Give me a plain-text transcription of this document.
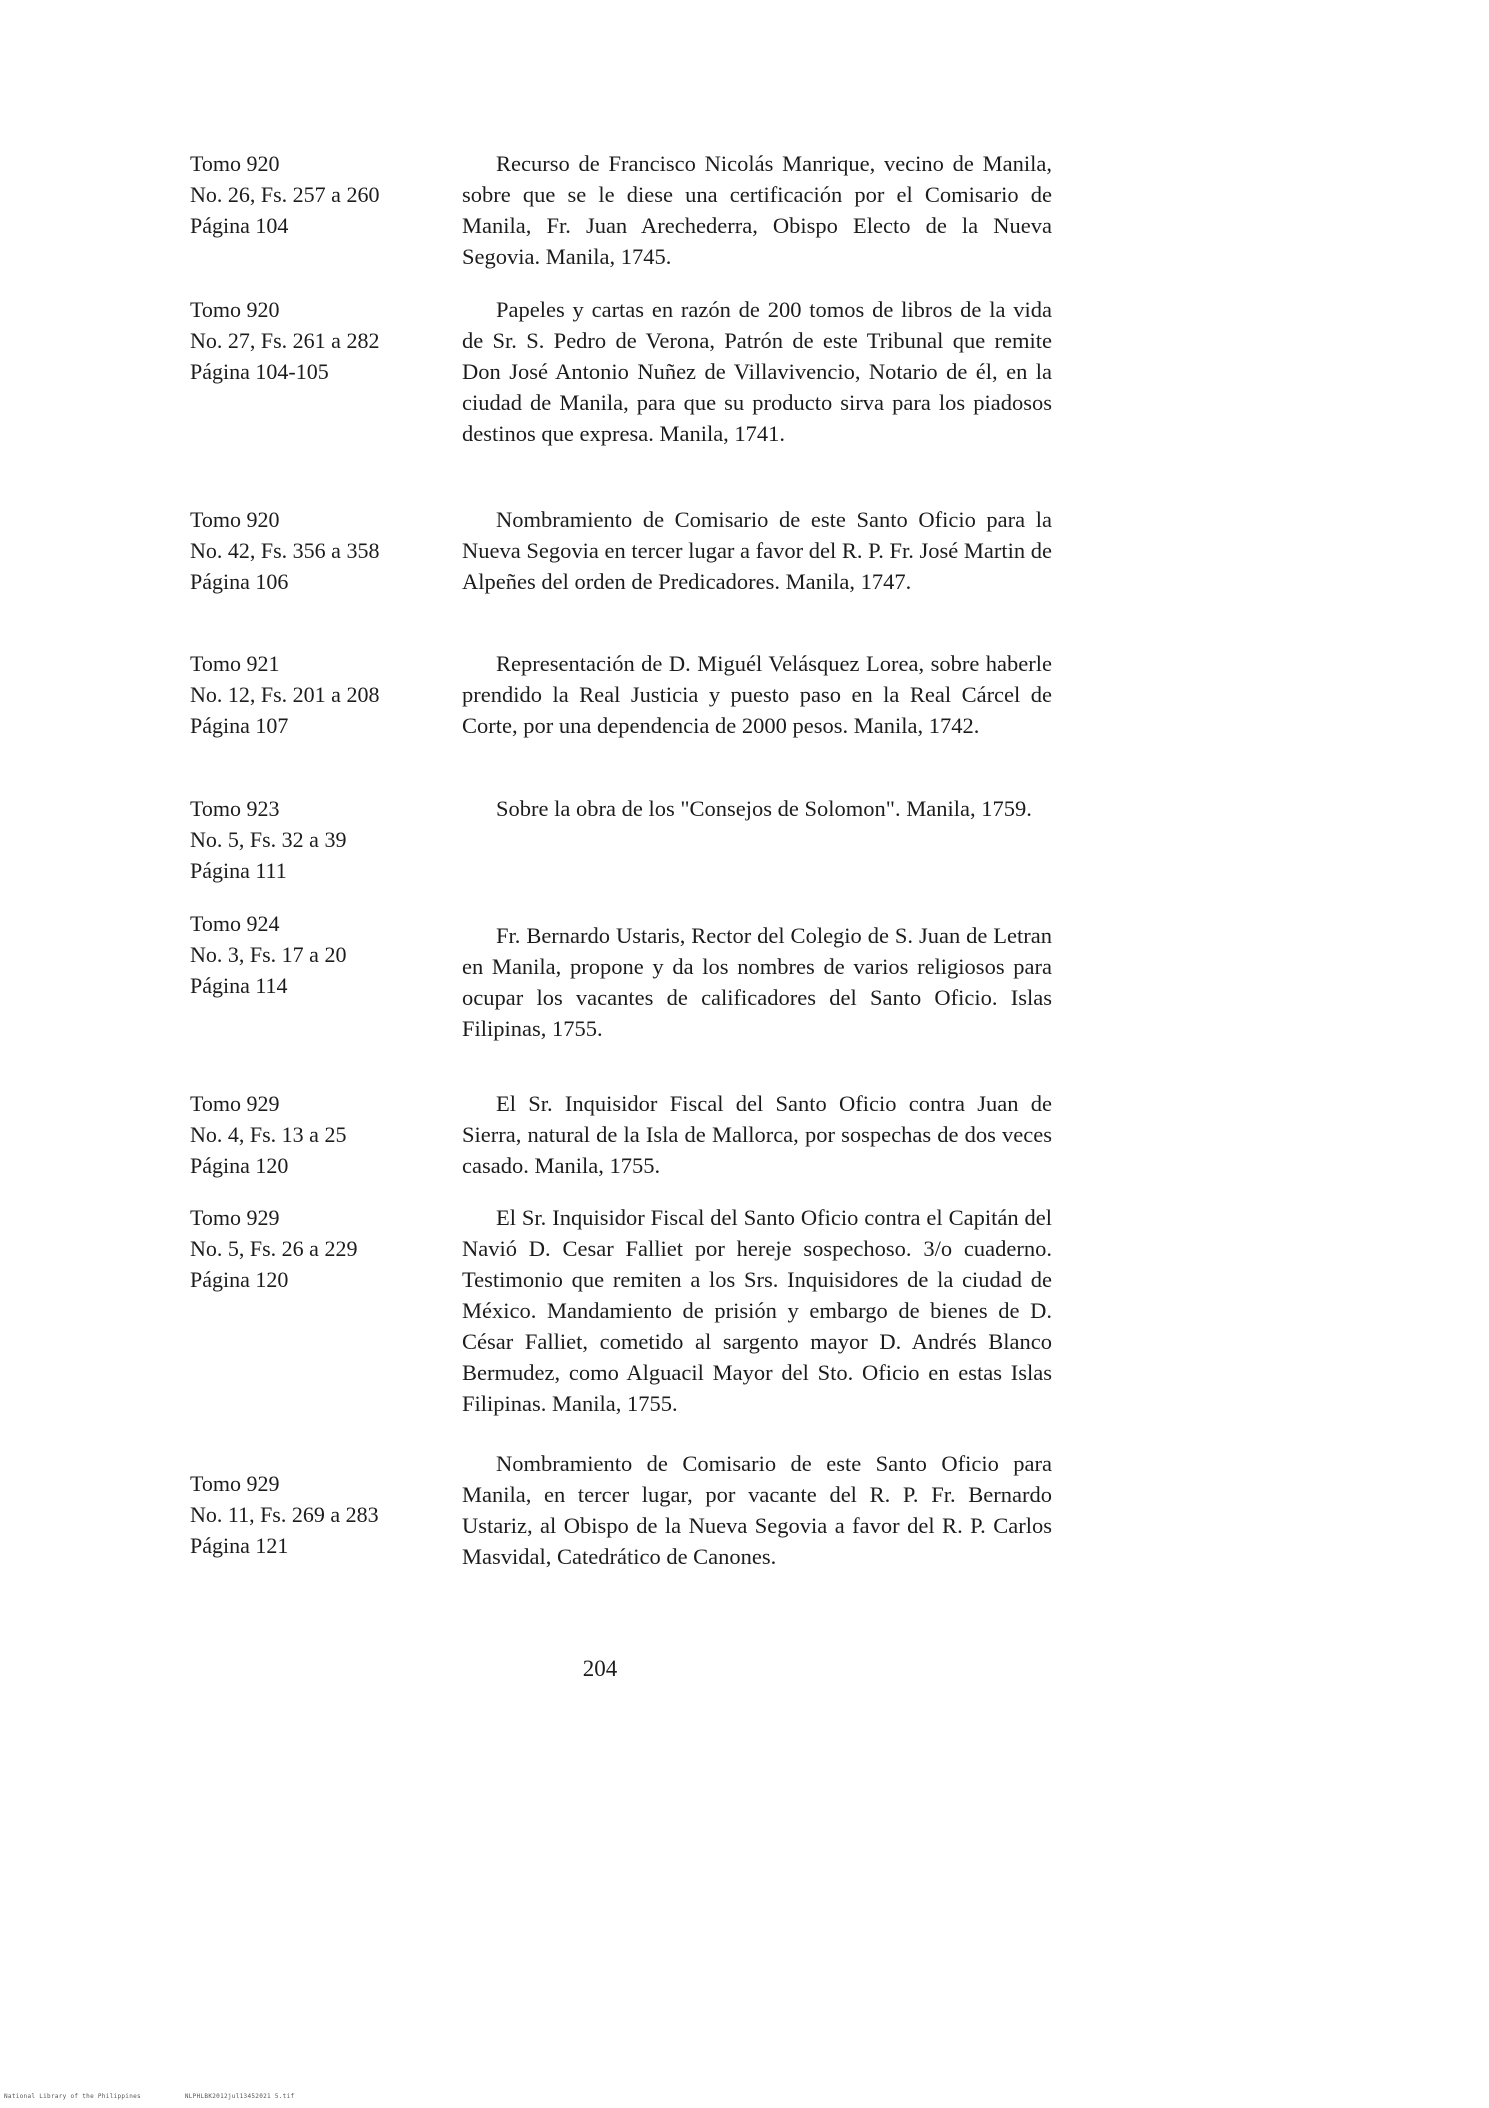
Tomo 920
No. 26, Fs. 257 a 260
Página 104

Recurso de Francisco Nicolás Manrique, vecino de Manila, sobre que se le diese una certificación por el Comisario de Manila, Fr. Juan Arechederra, Obispo Electo de la Nueva Segovia. Manila, 1745.

Tomo 920
No. 27, Fs. 261 a 282
Página 104-105

Papeles y cartas en razón de 200 tomos de libros de la vida de Sr. S. Pedro de Verona, Patrón de este Tribunal que remite Don José Antonio Nuñez de Villavivencio, Notario de él, en la ciudad de Manila, para que su producto sirva para los piadosos destinos que expresa. Manila, 1741.

Tomo 920
No. 42, Fs. 356 a 358
Página 106

Nombramiento de Comisario de este Santo Oficio para la Nueva Segovia en tercer lugar a favor del R. P. Fr. José Martin de Alpeñes del orden de Predicadores. Manila, 1747.

Tomo 921
No. 12, Fs. 201 a 208
Página 107

Representación de D. Miguél Velásquez Lorea, sobre haberle prendido la Real Justicia y puesto paso en la Real Cárcel de Corte, por una dependencia de 2000 pesos. Manila, 1742.

Tomo 923
No. 5, Fs. 32 a 39
Página 111

Sobre la obra de los "Consejos de Solomon". Manila, 1759.

Tomo 924
No. 3, Fs. 17 a 20
Página 114

Fr. Bernardo Ustaris, Rector del Colegio de S. Juan de Letran en Manila, propone y da los nombres de varios religiosos para ocupar los vacantes de calificadores del Santo Oficio. Islas Filipinas, 1755.

Tomo 929
No. 4, Fs. 13 a 25
Página 120

El Sr. Inquisidor Fiscal del Santo Oficio contra Juan de Sierra, natural de la Isla de Mallorca, por sospechas de dos veces casado. Manila, 1755.

Tomo 929
No. 5, Fs. 26 a 229
Página 120

El Sr. Inquisidor Fiscal del Santo Oficio contra el Capitán del Navió D. Cesar Falliet por hereje sospechoso. 3/o cuaderno. Testimonio que remiten a los Srs. Inquisidores de la ciudad de México. Mandamiento de prisión y embargo de bienes de D. César Falliet, cometido al sargento mayor D. Andrés Blanco Bermudez, como Alguacil Mayor del Sto. Oficio en estas Islas Filipinas. Manila, 1755.

Tomo 929
No. 11, Fs. 269 a 283
Página 121

Nombramiento de Comisario de este Santo Oficio para Manila, en tercer lugar, por vacante del R. P. Fr. Bernardo Ustariz, al Obispo de la Nueva Segovia a favor del R. P. Carlos Masvidal, Catedrático de Canones.

204
National Library of the Philippines	NLPHLBK2012jul13452021 5.tif
